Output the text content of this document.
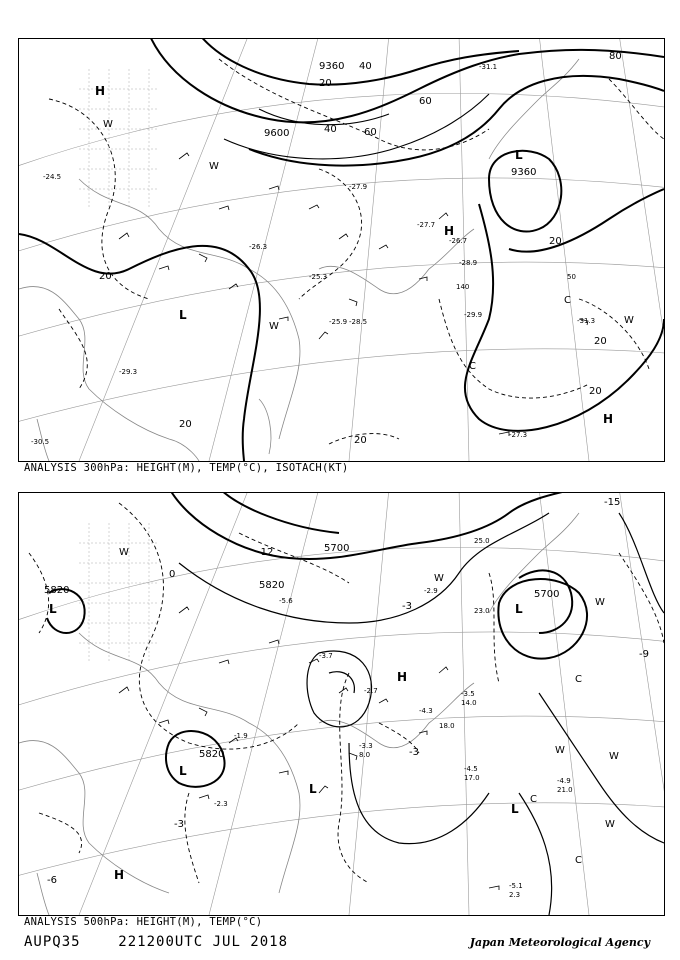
9360
9600
9360
20
20
20
20
20
40
40
60
60
80
20
20
H
L
L
H
H
C
C
W
W
W
W
-27.3
-28.9
-26.7
-29.9
-31.3
-27.7
-25.9 -28.5
-30.5
-24.5
-27.9
-26.3
-29.3
-25.3
-31.1
140
50
ANALYSIS 300hPa: HEIGHT(M), TEMP(°C), ISOTACH(KT)
5820
5700
5700
5820
5820
-12
-15
-3
-3
-6
-9
-3
0
L
L
L
L
L
H
H
C
C
C
W
W
W
W
W
W
-4.9
-5.1
-4.5
-3.5
-2.3
-5.6
-3.7
-2.9
-1.9
-3.3
-4.3
-2.7
21.0
2.3
17.0
14.0
18.0
8.0
25.0
23.0
ANALYSIS 500hPa: HEIGHT(M), TEMP(°C)
AUPQ35	221200UTC JUL 2018	Japan Meteorological Agency
